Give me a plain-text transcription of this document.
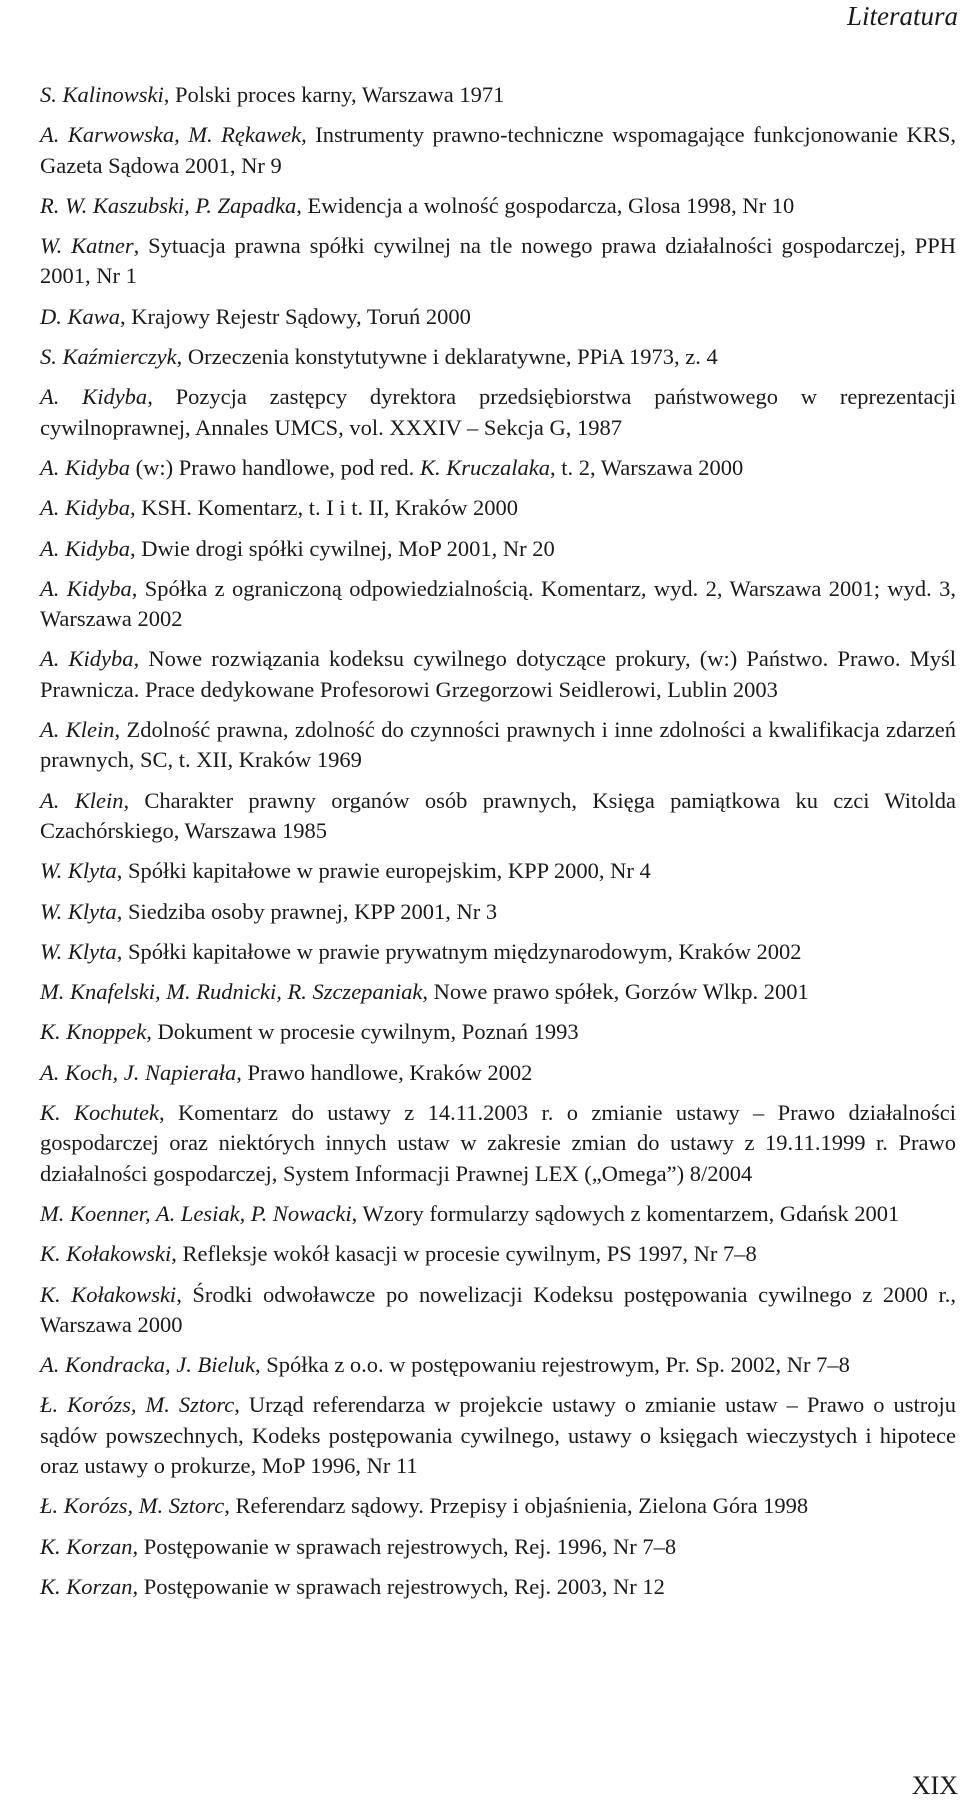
Literatura
S. Kalinowski, Polski proces karny, Warszawa 1971
A. Karwowska, M. Rękawek, Instrumenty prawno-techniczne wspomagające funkcjonowanie KRS, Gazeta Sądowa 2001, Nr 9
R. W. Kaszubski, P. Zapadka, Ewidencja a wolność gospodarcza, Glosa 1998, Nr 10
W. Katner, Sytuacja prawna spółki cywilnej na tle nowego prawa działalności gospodarczej, PPH 2001, Nr 1
D. Kawa, Krajowy Rejestr Sądowy, Toruń 2000
S. Kaźmierczyk, Orzeczenia konstytutywne i deklaratywne, PPiA 1973, z. 4
A. Kidyba, Pozycja zastępcy dyrektora przedsiębiorstwa państwowego w reprezentacji cywilnoprawnej, Annales UMCS, vol. XXXIV – Sekcja G, 1987
A. Kidyba (w:) Prawo handlowe, pod red. K. Kruczalaka, t. 2, Warszawa 2000
A. Kidyba, KSH. Komentarz, t. I i t. II, Kraków 2000
A. Kidyba, Dwie drogi spółki cywilnej, MoP 2001, Nr 20
A. Kidyba, Spółka z ograniczoną odpowiedzialnością. Komentarz, wyd. 2, Warszawa 2001; wyd. 3, Warszawa 2002
A. Kidyba, Nowe rozwiązania kodeksu cywilnego dotyczące prokury, (w:) Państwo. Prawo. Myśl Prawnicza. Prace dedykowane Profesorowi Grzegorzowi Seidlerowi, Lublin 2003
A. Klein, Zdolność prawna, zdolność do czynności prawnych i inne zdolności a kwalifikacja zdarzeń prawnych, SC, t. XII, Kraków 1969
A. Klein, Charakter prawny organów osób prawnych, Księga pamiątkowa ku czci Witolda Czachórskiego, Warszawa 1985
W. Klyta, Spółki kapitałowe w prawie europejskim, KPP 2000, Nr 4
W. Klyta, Siedziba osoby prawnej, KPP 2001, Nr 3
W. Klyta, Spółki kapitałowe w prawie prywatnym międzynarodowym, Kraków 2002
M. Knafelski, M. Rudnicki, R. Szczepaniak, Nowe prawo spółek, Gorzów Wlkp. 2001
K. Knoppek, Dokument w procesie cywilnym, Poznań 1993
A. Koch, J. Napierała, Prawo handlowe, Kraków 2002
K. Kochutek, Komentarz do ustawy z 14.11.2003 r. o zmianie ustawy – Prawo działalności gospodarczej oraz niektórych innych ustaw w zakresie zmian do ustawy z 19.11.1999 r. Prawo działalności gospodarczej, System Informacji Prawnej LEX („Omega”) 8/2004
M. Koenner, A. Lesiak, P. Nowacki, Wzory formularzy sądowych z komentarzem, Gdańsk 2001
K. Kołakowski, Refleksje wokół kasacji w procesie cywilnym, PS 1997, Nr 7–8
K. Kołakowski, Środki odwoławcze po nowelizacji Kodeksu postępowania cywilnego z 2000 r., Warszawa 2000
A. Kondracka, J. Bieluk, Spółka z o.o. w postępowaniu rejestrowym, Pr. Sp. 2002, Nr 7–8
Ł. Korózs, M. Sztorc, Urząd referendarza w projekcie ustawy o zmianie ustaw – Prawo o ustroju sądów powszechnych, Kodeks postępowania cywilnego, ustawy o księgach wieczystych i hipotece oraz ustawy o prokurze, MoP 1996, Nr 11
Ł. Korózs, M. Sztorc, Referendarz sądowy. Przepisy i objaśnienia, Zielona Góra 1998
K. Korzan, Postępowanie w sprawach rejestrowych, Rej. 1996, Nr 7–8
K. Korzan, Postępowanie w sprawach rejestrowych, Rej. 2003, Nr 12
XIX
